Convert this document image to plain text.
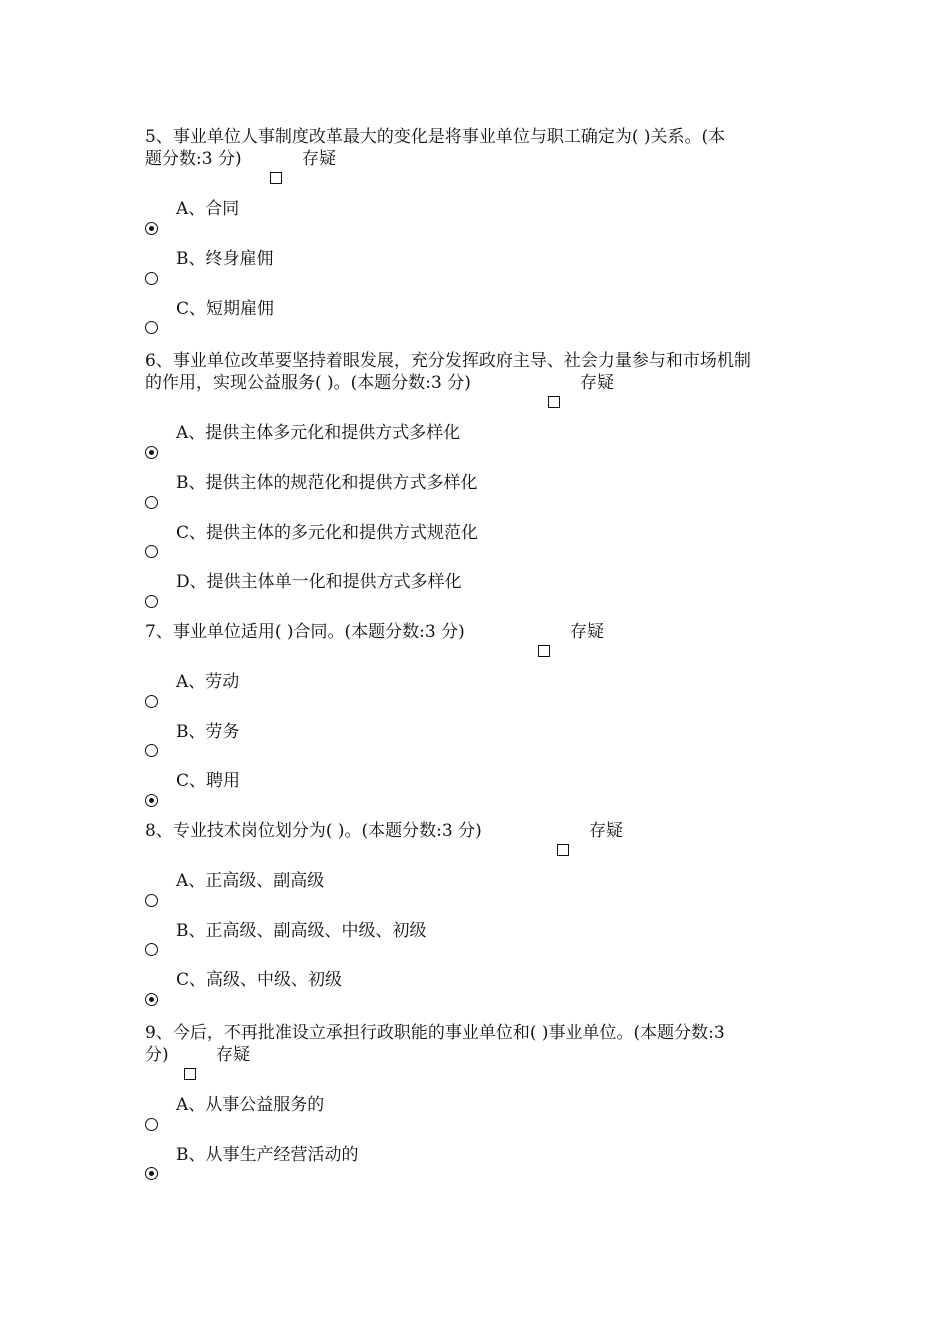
5、事业单位人事制度改革最大的变化是将事业单位与职工确定为( )关系。(本
题分数:3 分)	存疑
A、合同
B、终身雇佣
C、短期雇佣
6、事业单位改革要坚持着眼发展，充分发挥政府主导、社会力量参与和市场机制
的作用，实现公益服务( )。(本题分数:3 分)	存疑
A、提供主体多元化和提供方式多样化
B、提供主体的规范化和提供方式多样化
C、提供主体的多元化和提供方式规范化
D、提供主体单一化和提供方式多样化
7、事业单位适用( )合同。(本题分数:3 分)	存疑
A、劳动
B、劳务
C、聘用
8、专业技术岗位划分为( )。(本题分数:3 分)	存疑
A、正高级、副高级
B、正高级、副高级、中级、初级
C、高级、中级、初级
9、今后，不再批准设立承担行政职能的事业单位和( )事业单位。(本题分数:3
分)	存疑
A、从事公益服务的
B、从事生产经营活动的
